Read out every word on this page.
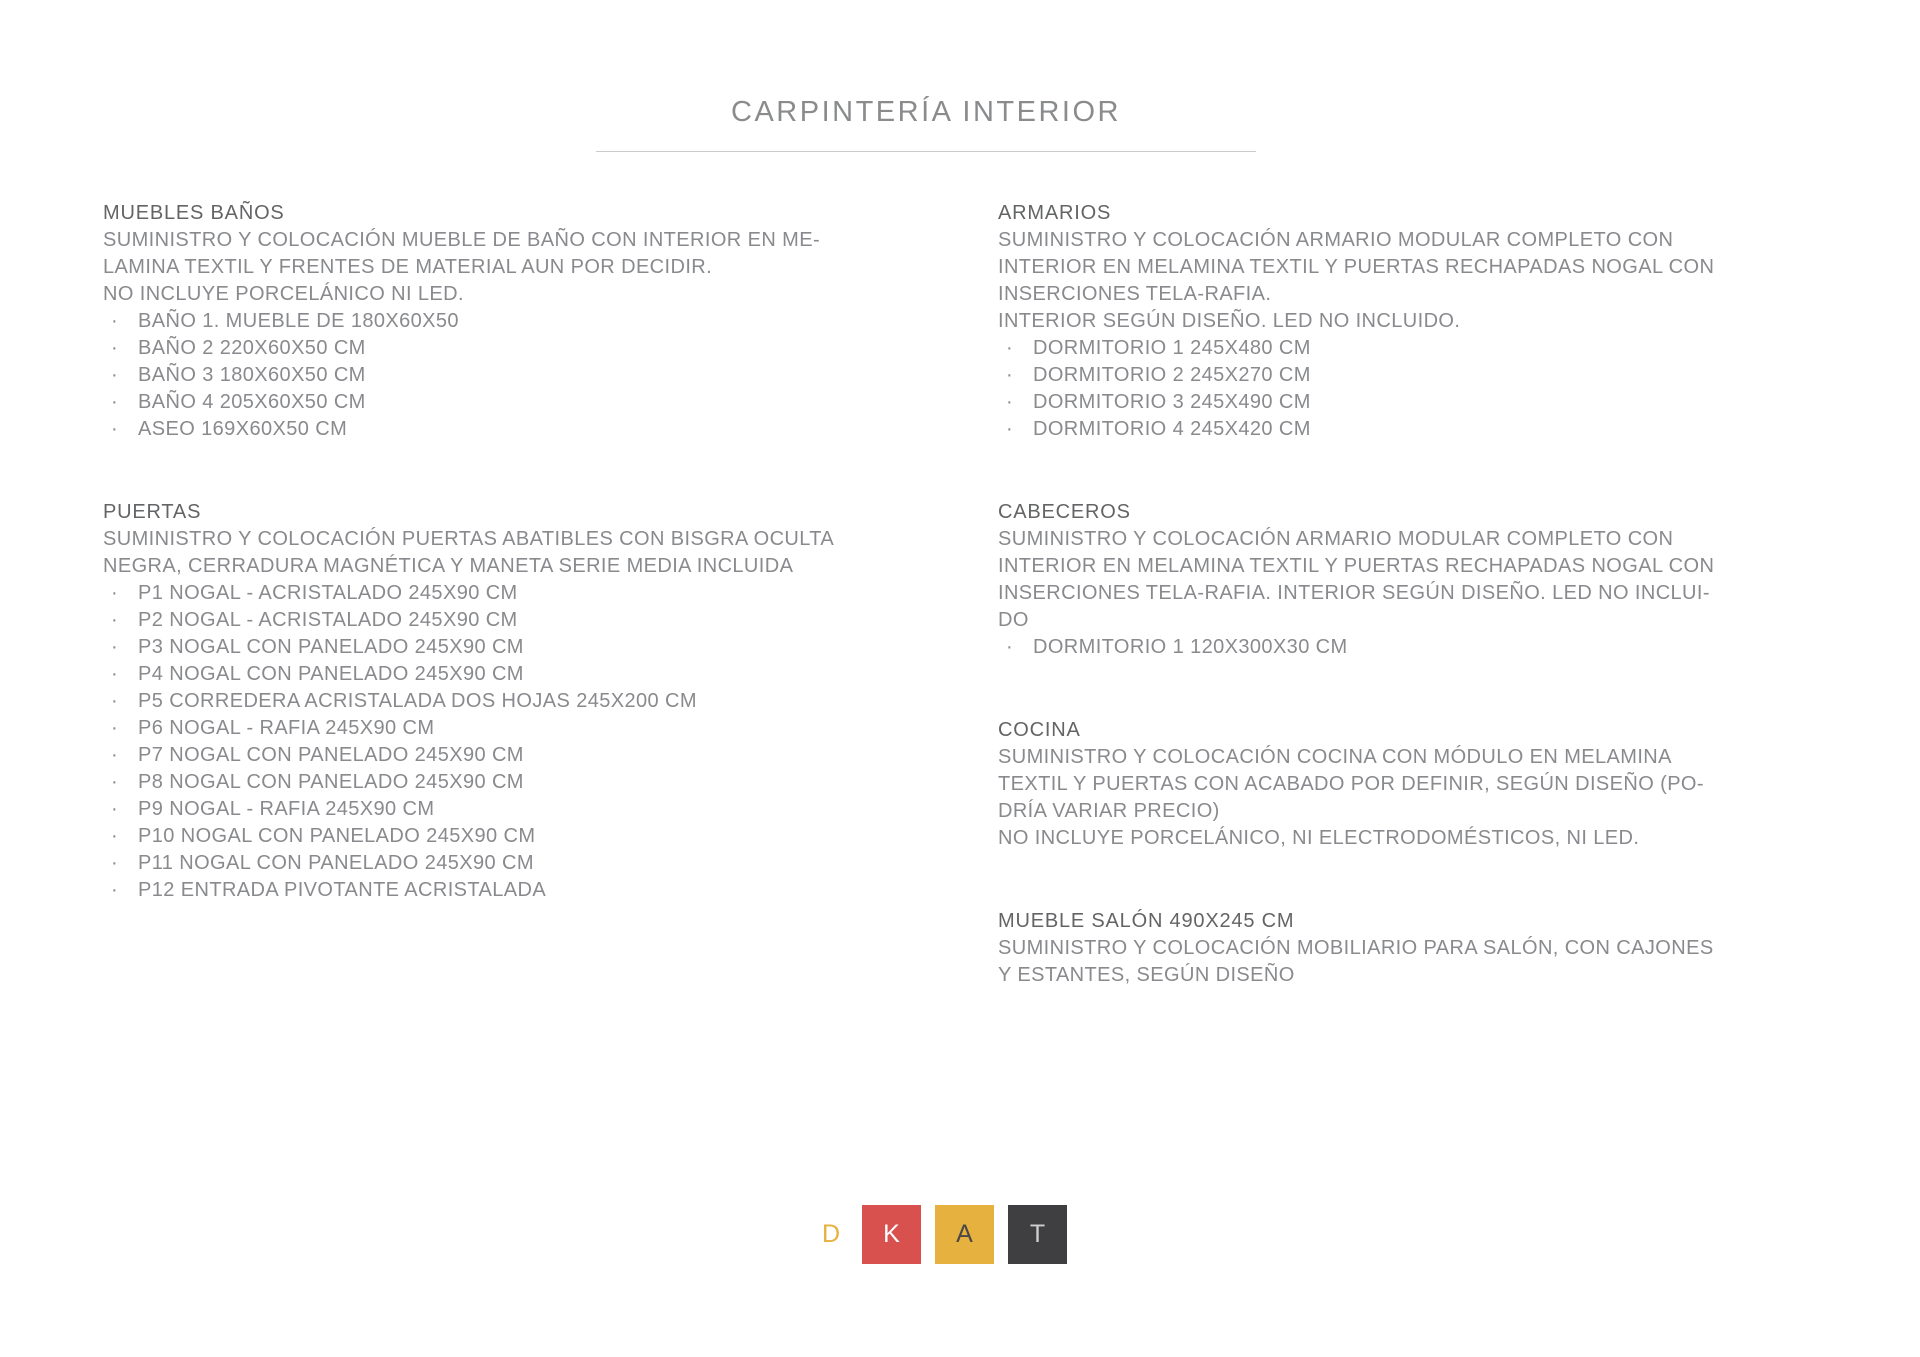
CARPINTERÍA INTERIOR
MUEBLES BAÑOS
SUMINISTRO Y COLOCACIÓN MUEBLE DE BAÑO CON INTERIOR EN ME-
LAMINA TEXTIL Y FRENTES DE MATERIAL AUN POR DECIDIR.
NO INCLUYE PORCELÁNICO NI LED.
· BAÑO 1. MUEBLE DE 180X60X50
· BAÑO 2 220X60X50 CM
· BAÑO 3 180X60X50 CM
· BAÑO 4 205X60X50 CM
· ASEO 169X60X50 CM
PUERTAS
SUMINISTRO Y COLOCACIÓN PUERTAS ABATIBLES CON BISGRA OCULTA
NEGRA, CERRADURA MAGNÉTICA Y MANETA SERIE MEDIA INCLUIDA
· P1 NOGAL - ACRISTALADO 245X90 CM
· P2 NOGAL - ACRISTALADO 245X90 CM
· P3 NOGAL CON PANELADO 245X90 CM
· P4 NOGAL CON PANELADO 245X90 CM
· P5 CORREDERA ACRISTALADA DOS HOJAS 245X200 CM
· P6 NOGAL - RAFIA 245X90 CM
· P7 NOGAL CON PANELADO 245X90 CM
· P8 NOGAL CON PANELADO 245X90 CM
· P9 NOGAL - RAFIA 245X90 CM
· P10 NOGAL CON PANELADO 245X90 CM
· P11 NOGAL CON PANELADO 245X90 CM
· P12 ENTRADA PIVOTANTE ACRISTALADA
ARMARIOS
SUMINISTRO Y COLOCACIÓN ARMARIO MODULAR COMPLETO CON
INTERIOR EN MELAMINA TEXTIL Y PUERTAS RECHAPADAS NOGAL CON
INSERCIONES TELA-RAFIA.
INTERIOR SEGÚN DISEÑO. LED NO INCLUIDO.
· DORMITORIO 1 245X480 CM
· DORMITORIO 2 245X270 CM
· DORMITORIO 3 245X490 CM
· DORMITORIO 4 245X420 CM
CABECEROS
SUMINISTRO Y COLOCACIÓN ARMARIO MODULAR COMPLETO CON
INTERIOR EN MELAMINA TEXTIL Y PUERTAS RECHAPADAS NOGAL CON
INSERCIONES TELA-RAFIA. INTERIOR SEGÚN DISEÑO. LED NO INCLUI-
DO
· DORMITORIO 1 120X300X30 CM
COCINA
SUMINISTRO Y COLOCACIÓN COCINA CON MÓDULO EN MELAMINA
TEXTIL Y PUERTAS CON ACABADO POR DEFINIR, SEGÚN DISEÑO (PO-
DRÍA VARIAR PRECIO)
NO INCLUYE PORCELÁNICO, NI ELECTRODOMÉSTICOS, NI LED.
MUEBLE SALÓN 490X245 CM
SUMINISTRO Y COLOCACIÓN MOBILIARIO PARA SALÓN, CON CAJONES
Y ESTANTES, SEGÚN DISEÑO
D	K	A	T
